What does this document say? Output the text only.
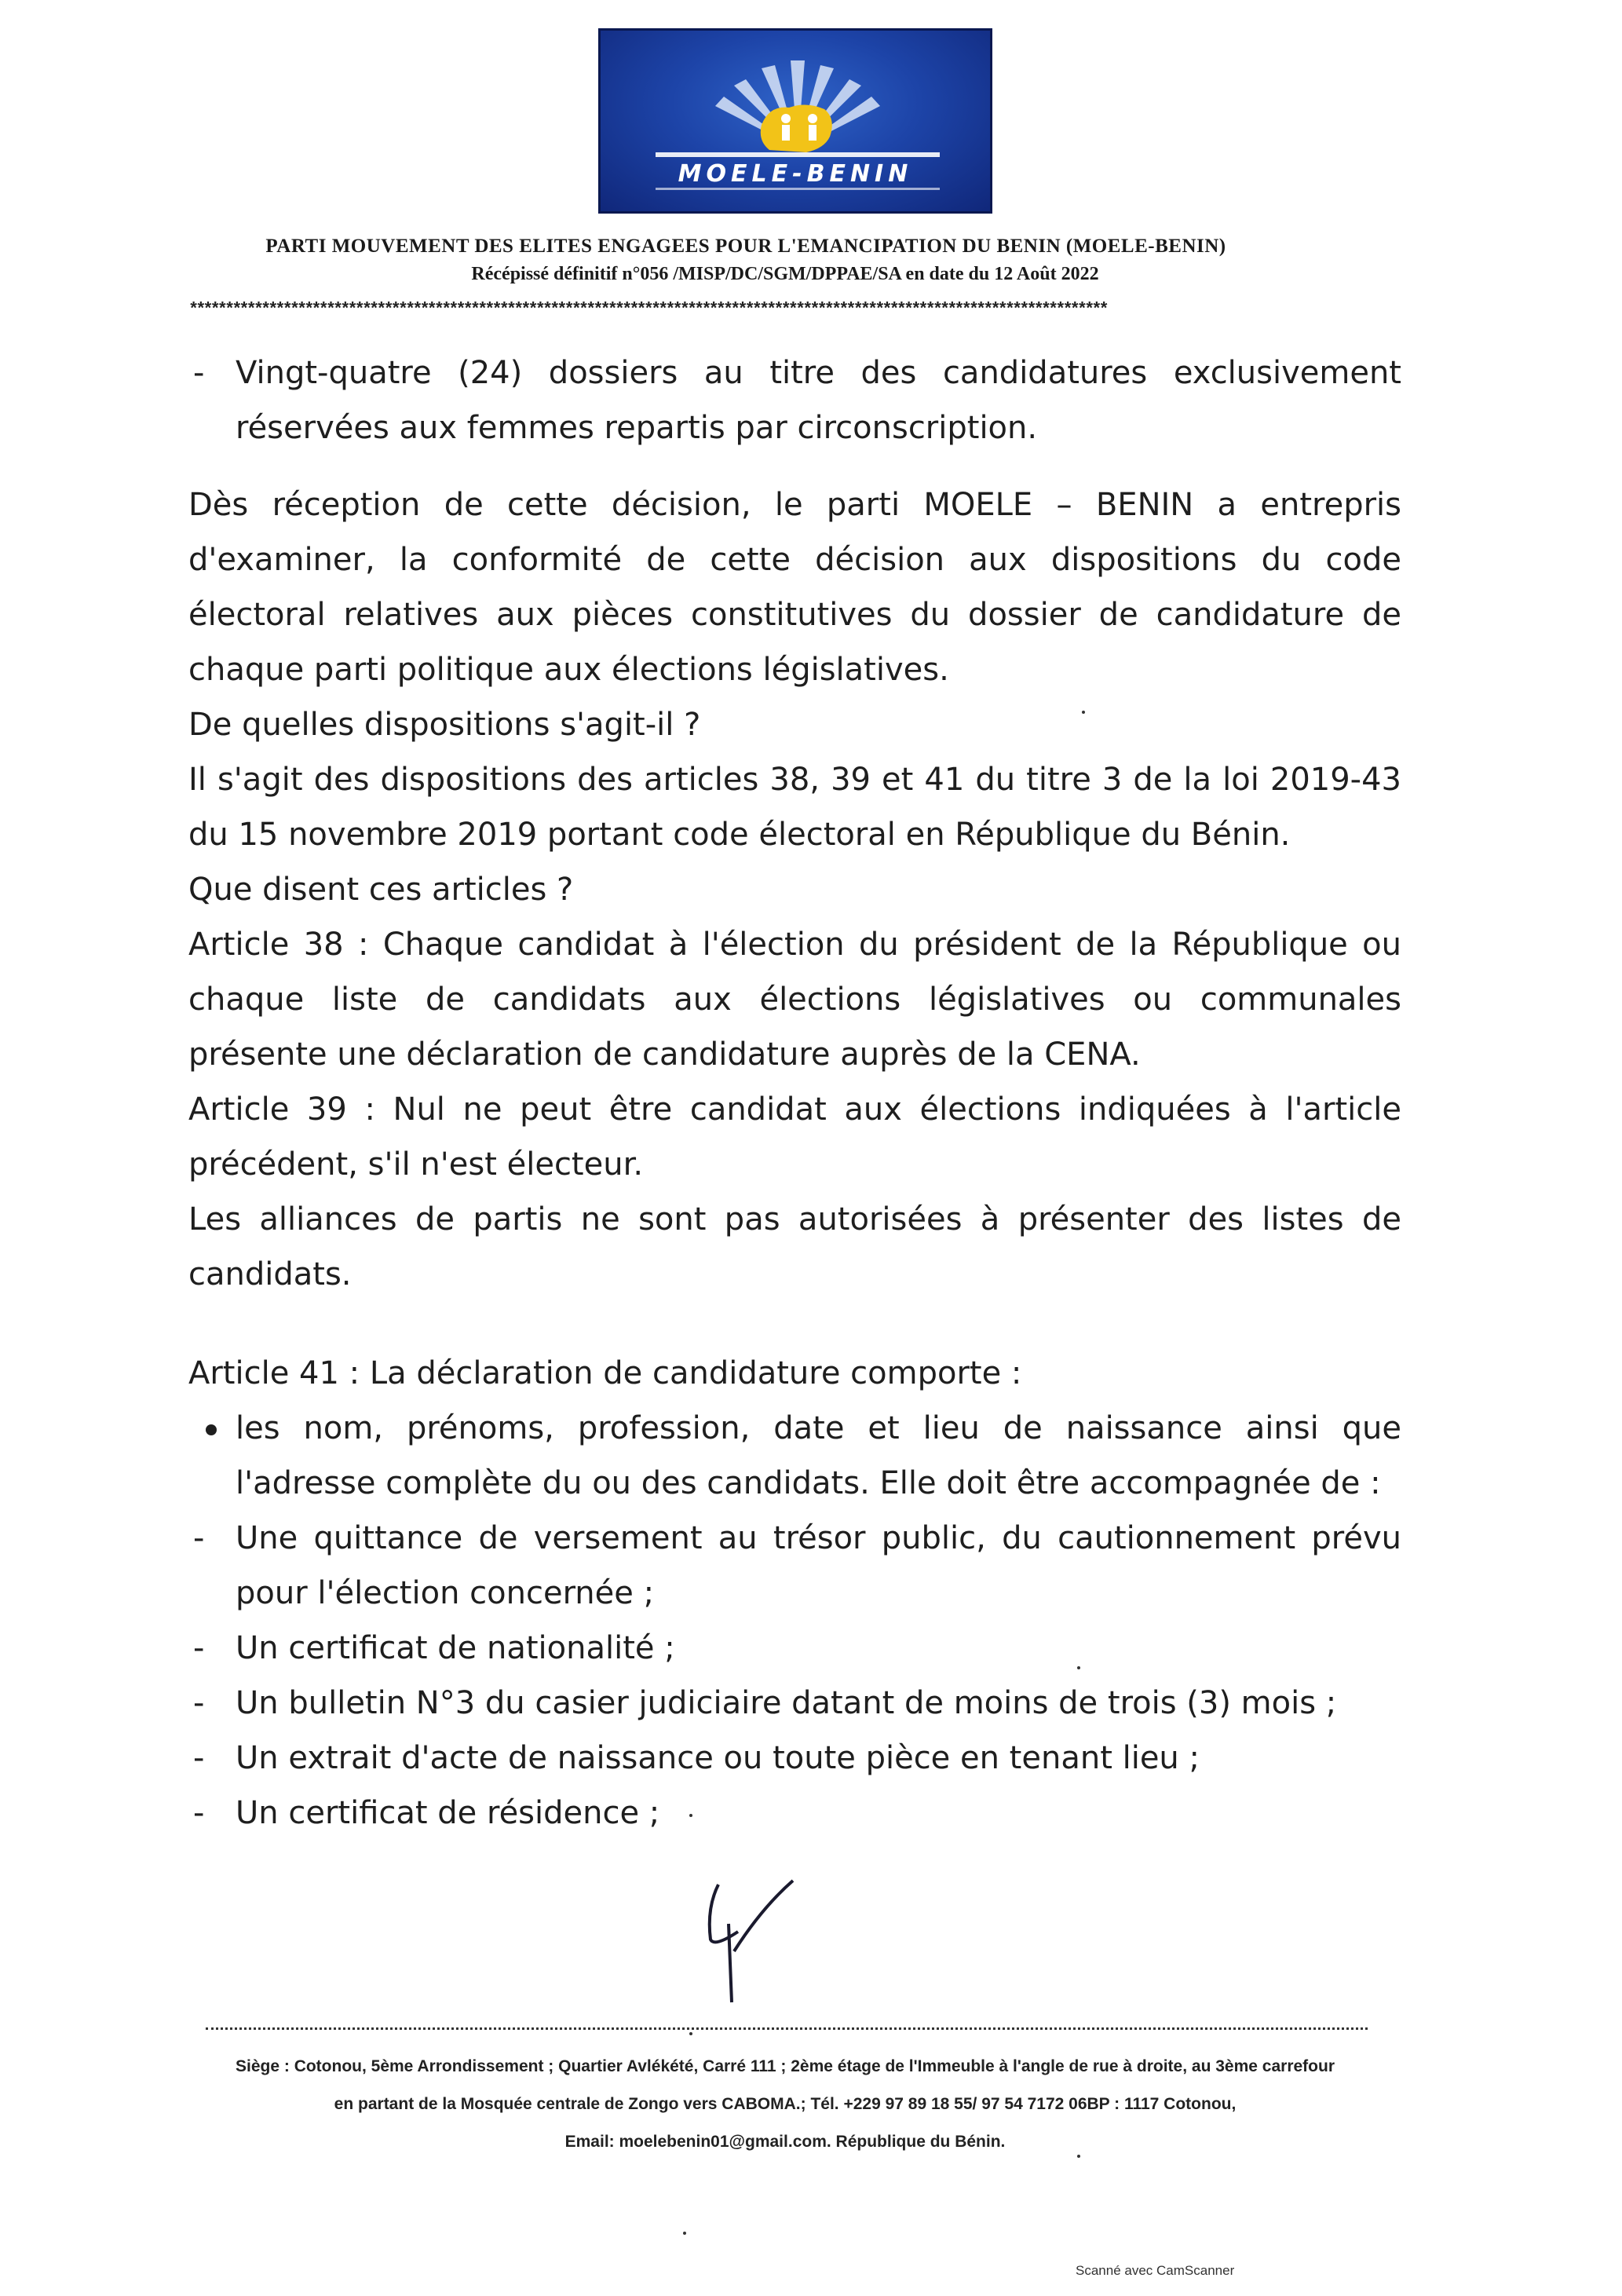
MOELE-BENIN
PARTI MOUVEMENT DES ELITES ENGAGEES POUR L'EMANCIPATION DU BENIN (MOELE-BENIN)
Récépissé définitif n°056 /MISP/DC/SGM/DPPAE/SA en date du 12 Août 2022
*******************************************************************************************************************************
- Vingt-quatre (24) dossiers au titre des candidatures exclusivement réservées aux femmes repartis par circonscription.

Dès réception de cette décision, le parti MOELE – BENIN a entrepris d'examiner, la conformité de cette décision aux dispositions du code électoral relatives aux pièces constitutives du dossier de candidature de chaque parti politique aux élections législatives.

De quelles dispositions s'agit-il ?

Il s'agit des dispositions des articles 38, 39 et 41 du titre 3 de la loi 2019-43 du 15 novembre 2019 portant code électoral en République du Bénin.

Que disent ces articles ?

Article 38 : Chaque candidat à l'élection du président de la République ou chaque liste de candidats aux élections législatives ou communales présente une déclaration de candidature auprès de la CENA.

Article 39 : Nul ne peut être candidat aux élections indiquées à l'article précédent, s'il n'est électeur.

Les alliances de partis ne sont pas autorisées à présenter des listes de candidats.

Article 41 : La déclaration de candidature comporte :

les nom, prénoms, profession, date et lieu de naissance ainsi que l'adresse complète du ou des candidats. Elle doit être accompagnée de :
- Une quittance de versement au trésor public, du cautionnement prévu pour l'élection concernée ;
- Un certificat de nationalité ;
- Un bulletin N°3 du casier judiciaire datant de moins de trois (3) mois ;
- Un extrait d'acte de naissance ou toute pièce en tenant lieu ;
- Un certificat de résidence ;
Siège : Cotonou, 5ème Arrondissement ; Quartier Avlékété, Carré 111 ; 2ème étage de l'Immeuble à l'angle de rue à droite, au 3ème carrefour
en partant de la Mosquée centrale de Zongo vers CABOMA.; Tél. +229 97 89 18 55/ 97 54 7172 06BP : 1117 Cotonou,
Email: moelebenin01@gmail.com. République du Bénin.
Scanné avec CamScanner
